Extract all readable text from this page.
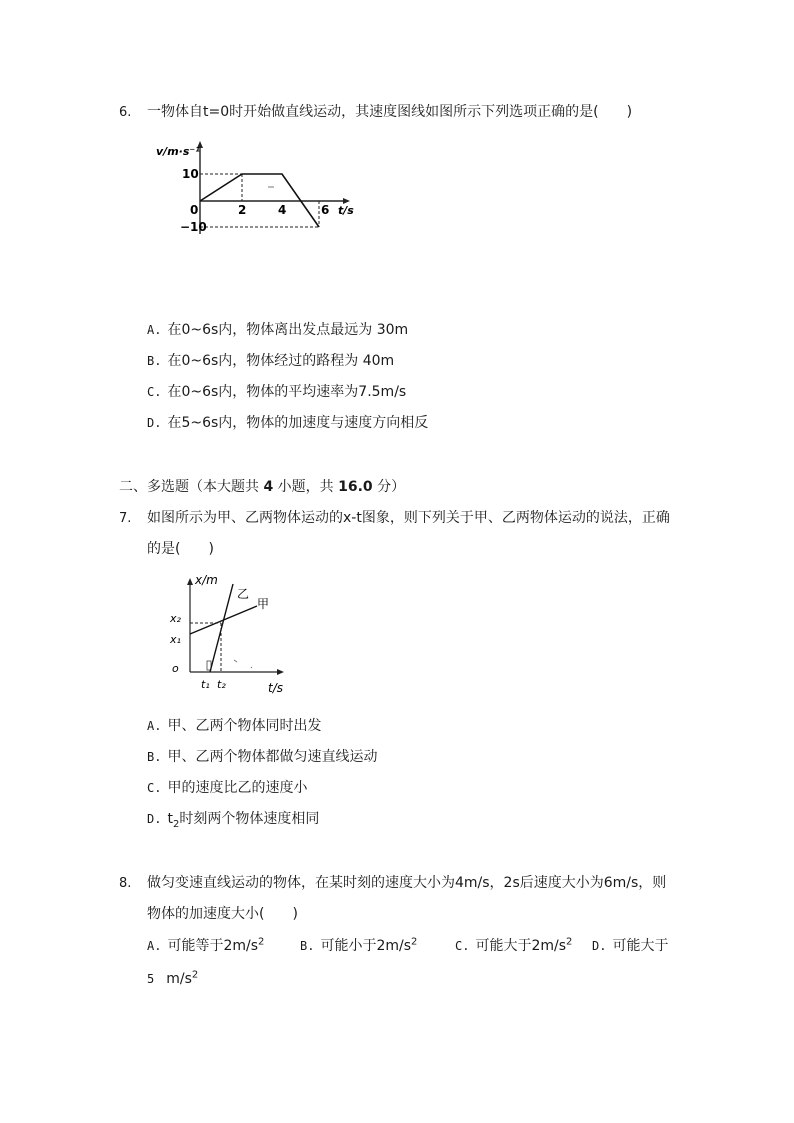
6. 一物体自t=0时开始做直线运动，其速度图线如图所示下列选项正确的是(　　)
v/m·s⁻¹
10
−10
0	2	4	6 t/s
A. 在0~6s内，物体离出发点最远为 30m
B. 在0~6s内，物体经过的路程为 40m
C. 在0~6s内，物体的平均速率为7.5m/s
D. 在5~6s内，物体的加速度与速度方向相反
二、多选题（本大题共 4 小题，共 16.0 分）
7. 如图所示为甲、乙两物体运动的x-t图象，则下列关于甲、乙两物体运动的说法，正确
的是(　　)
x/m
乙
甲
x₂
x₁
o
t₁ t₂	t/s
A. 甲、乙两个物体同时出发
B. 甲、乙两个物体都做匀速直线运动
C. 甲的速度比乙的速度小
D. $t_2$时刻两个物体速度相同
8. 做匀变速直线运动的物体，在某时刻的速度大小为4m/s，2s后速度大小为6m/s，则
物体的加速度大小(　　)
A. 可能等于$2m/s^2$	B. 可能小于$2m/s^2$	C. 可能大于$2m/s^2$ D. 可能大于
5 $m/s^2$
